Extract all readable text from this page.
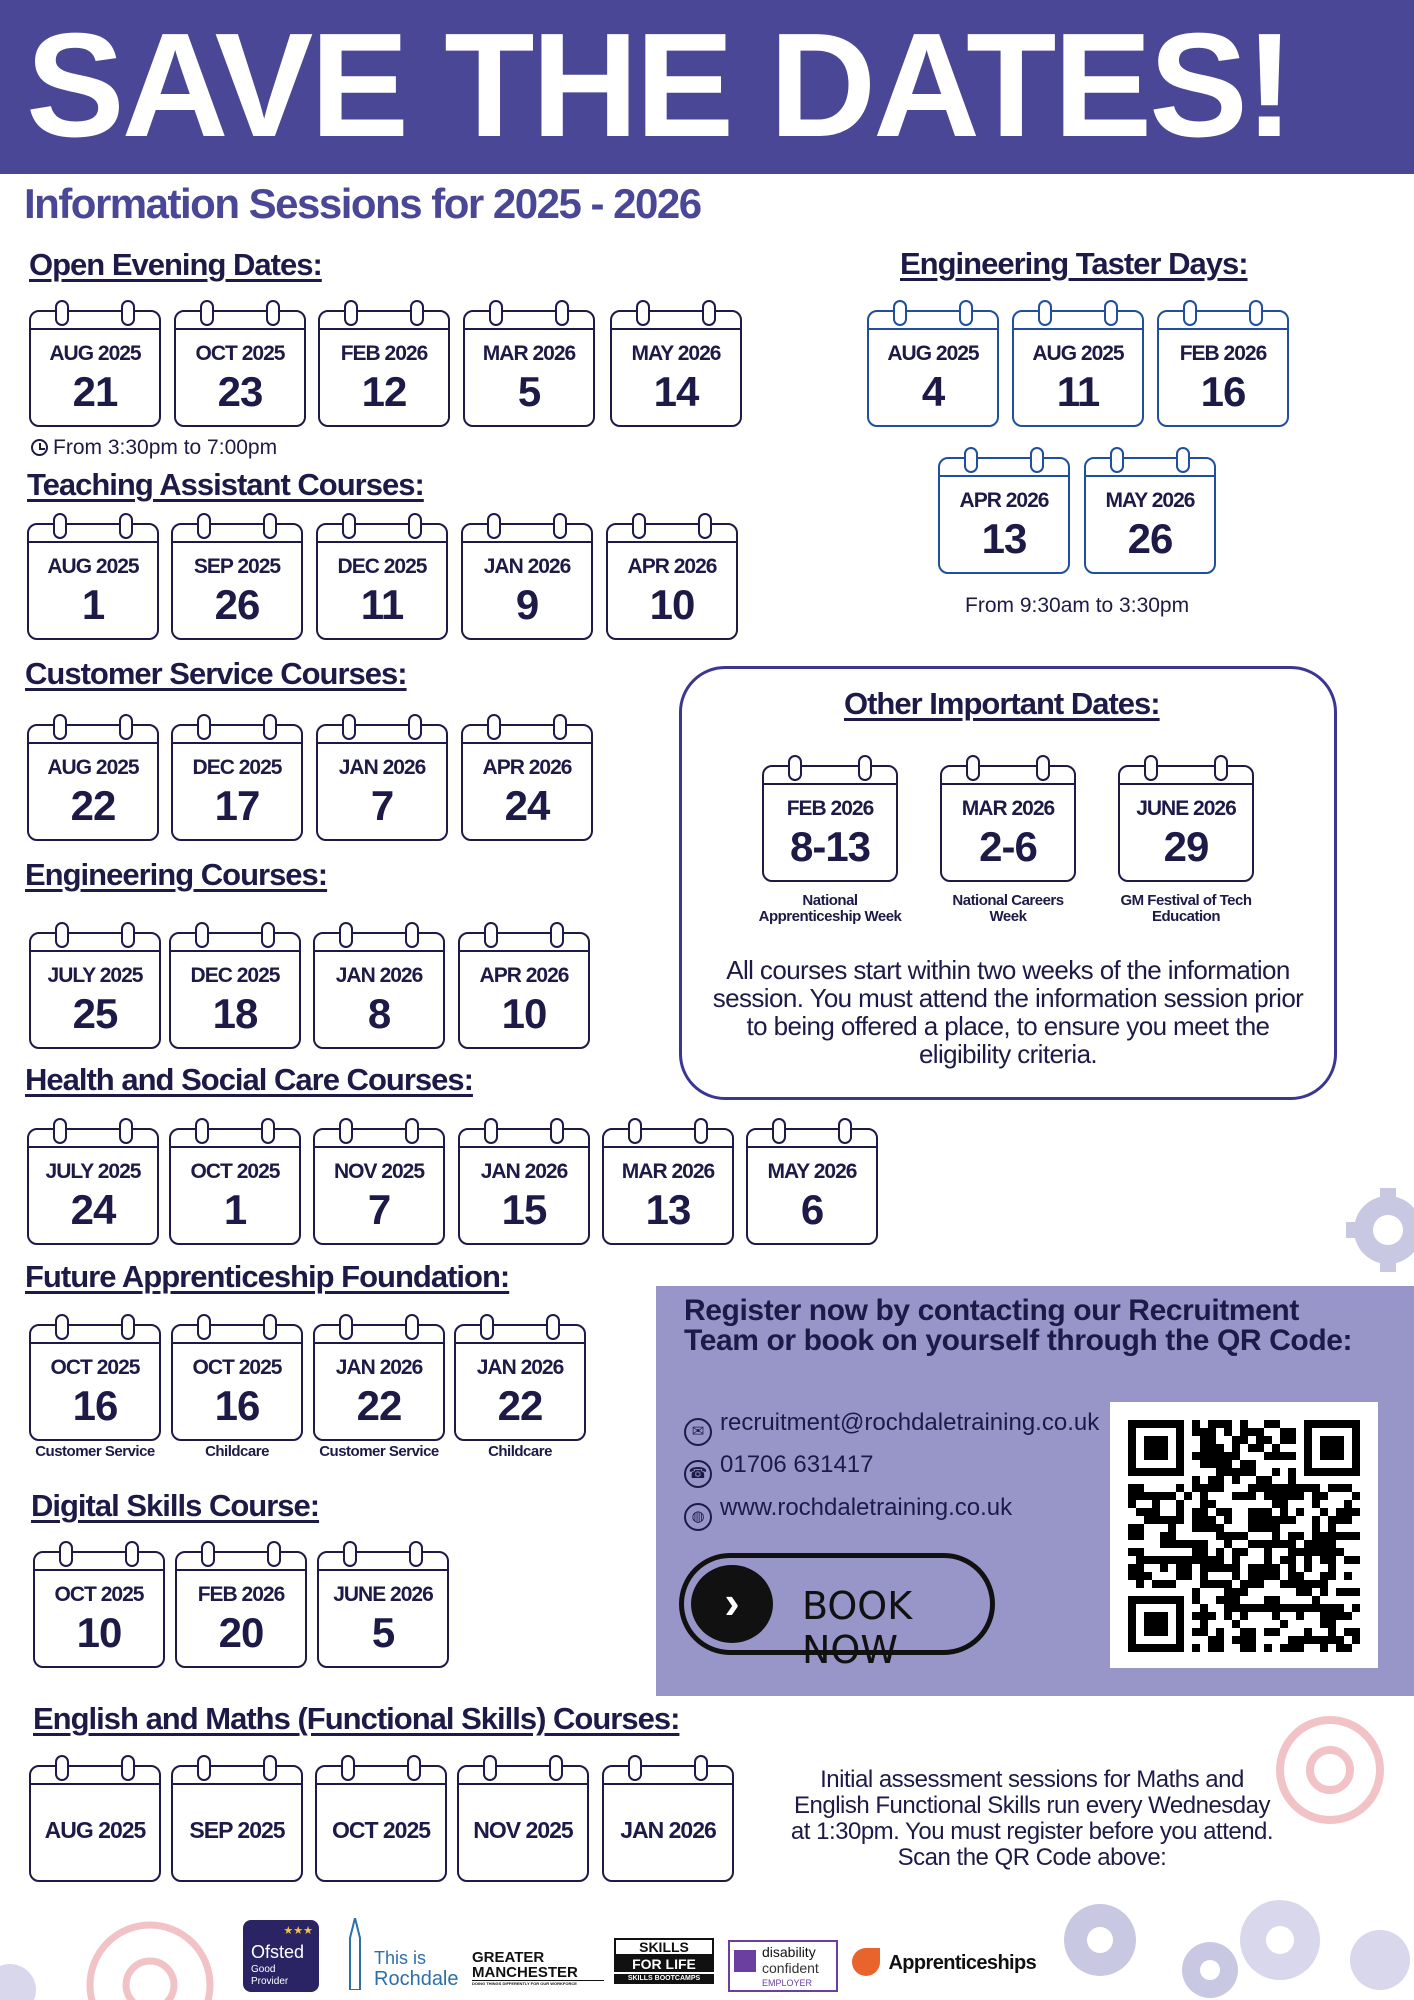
SAVE THE DATES!
Information Sessions for 2025 - 2026
Open Evening Dates:
AUG 2025
21
OCT 2025
23
FEB 2026
12
MAR 2026
5
MAY 2026
14
From 3:30pm to 7:00pm
Engineering Taster Days:
AUG 2025
4
AUG 2025
11
FEB 2026
16
APR 2026
13
MAY 2026
26
From 9:30am to 3:30pm
Teaching Assistant Courses:
AUG 2025
1
SEP 2025
26
DEC 2025
11
JAN 2026
9
APR 2026
10
Customer Service Courses:
AUG 2025
22
DEC 2025
17
JAN 2026
7
APR 2026
24
Engineering Courses:
JULY 2025
25
DEC 2025
18
JAN 2026
8
APR 2026
10
Health and Social Care Courses:
JULY 2025
24
OCT 2025
1
NOV 2025
7
JAN 2026
15
MAR 2026
13
MAY 2026
6
Future Apprenticeship Foundation:
OCT 2025
16
OCT 2025
16
JAN 2026
22
JAN 2026
22
Customer Service	Childcare	Customer Service	Childcare
Digital Skills Course:
OCT 2025
10
FEB 2026
20
JUNE 2026
5
English and Maths (Functional Skills) Courses:
AUG 2025	SEP 2025	OCT 2025	NOV 2025	JAN 2026
Initial assessment sessions for Maths and English Functional Skills run every Wednesday at 1:30pm. You must register before you attend. Scan the QR Code above:
Other Important Dates:
FEB 2026
8-13
MAR 2026
2-6
JUNE 2026
29
National
Apprenticeship Week
National Careers
Week
GM Festival of Tech
Education
All courses start within two weeks of the information session. You must attend the information session prior to being offered a place, to ensure you meet the eligibility criteria.
Register now by contacting our Recruitment
Team or book on yourself through the QR Code:
✉ recruitment@rochdaletraining.co.uk
☎ 01706 631417
◍ www.rochdaletraining.co.uk
›	BOOK NOW
Ofsted
Good
Provider
★★★
This is
Rochdale
GREATER
MANCHESTER
DOING THINGS DIFFERENTLY FOR OUR WORKFORCE
SKILLS
FOR LIFE
SKILLS BOOTCAMPS
disability
confident
EMPLOYER
Apprenticeships
